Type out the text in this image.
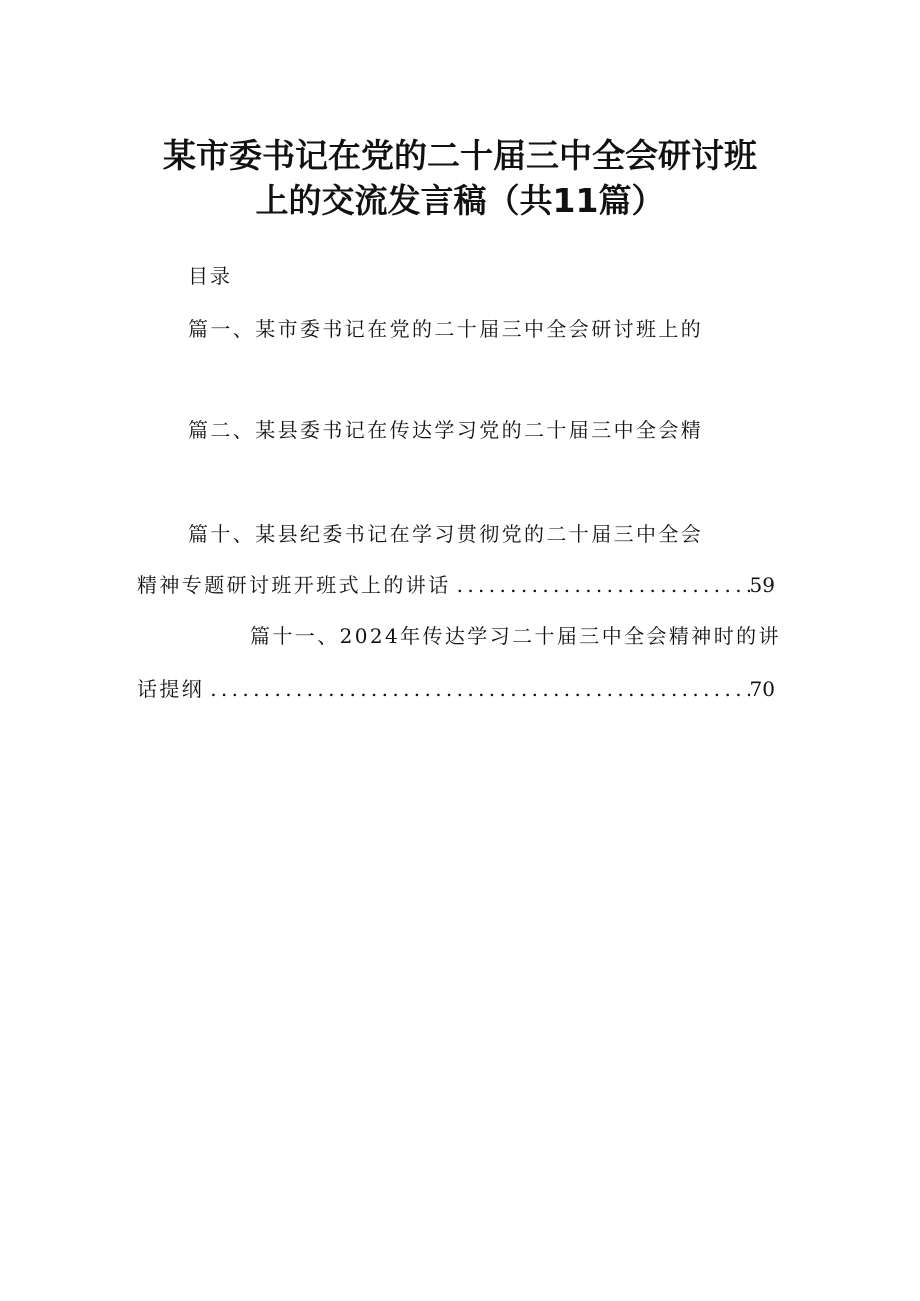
某市委书记在党的二十届三中全会研讨班
上的交流发言稿（共11篇）
目录
篇一、某市委书记在党的二十届三中全会研讨班上的
篇二、某县委书记在传达学习党的二十届三中全会精
篇十、某县纪委书记在学习贯彻党的二十届三中全会
精神专题研讨班开班式上的讲话 . . .	59
篇十一、2024年传达学习二十届三中全会精神时的讲
话提纲 . . .	70
